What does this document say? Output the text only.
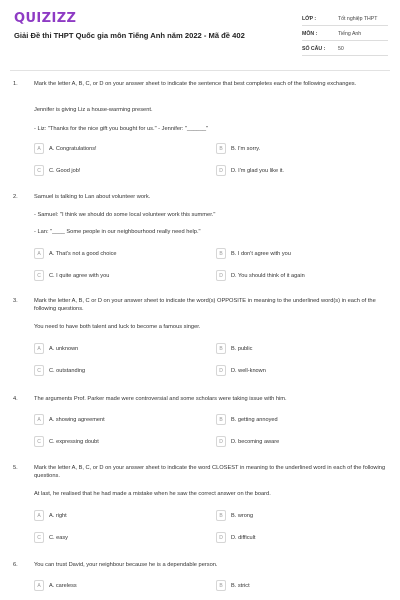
QUIZIZZ
Giải Đề thi THPT Quốc gia môn Tiếng Anh năm 2022 - Mã đề 402
LỚP :	Tốt nghiệp THPT
MÔN :	Tiếng Anh
SỐ CÂU : 50
1.	Mark the letter A, B, C, or D on your answer sheet to indicate the sentence that best completes each of the following exchanges.
Jennifer is giving Liz a house-warming present.
- Liz: "Thanks for the nice gift you bought for us." - Jennifer: "______"
A	A. Congratulations!	B	B. I'm sorry.
C	C. Good job!	D	D. I'm glad you like it.
2.	Samuel is talking to Lan about volunteer work.
- Samuel: "I think we should do some local volunteer work this summer."
- Lan: "____ Some people in our neighbourhood really need help."
A	A. That's not a good choice	B	B. I don't agree with you
C	C. I quite agree with you	D	D. You should think of it again
3.	Mark the letter A, B, C or D on your answer sheet to indicate the word(s) OPPOSITE in meaning to the underlined word(s) in each of the following questions.
You need to have both talent and luck to become a famous singer.
A	A. unknown	B	B. public
C	C. outstanding	D	D. well-known
4.	The arguments Prof. Parker made were controversial and some scholars were taking issue with him.
A	A. showing agreement	B	B. getting annoyed
C	C. expressing doubt	D	D. becoming aware
5.	Mark the letter A, B, C, or D on your answer sheet to indicate the word CLOSEST in meaning to the underlined word in each of the following questions.
At last, he realised that he had made a mistake when he saw the correct answer on the board.
A	A. right	B	B. wrong
C	C. easy	D	D. difficult
6.	You can trust David, your neighbour because he is a dependable person.
A	A. careless	B	B. strict
